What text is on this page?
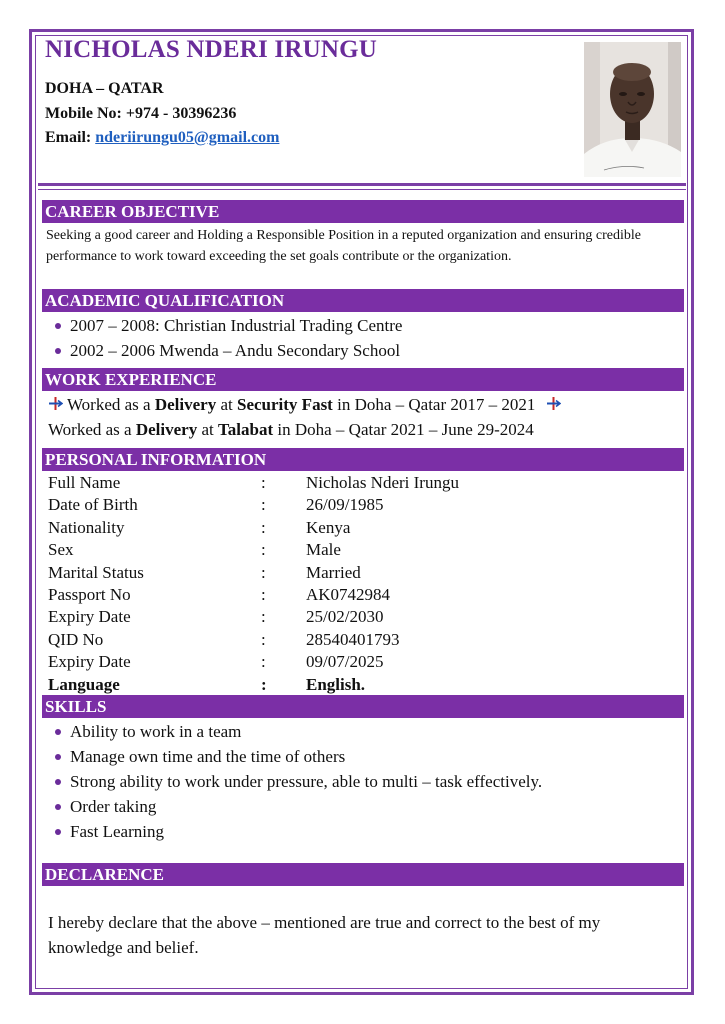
NICHOLAS NDERI IRUNGU
DOHA – QATAR
Mobile No: +974 - 30396236
Email: nderiirungu05@gmail.com
CAREER OBJECTIVE
Seeking a good career and Holding a Responsible Position in a reputed organization and ensuring credible performance to work toward exceeding the set goals contribute or the organization.
ACADEMIC QUALIFICATION
2007 – 2008: Christian Industrial Trading Centre
2002 – 2006 Mwenda – Andu Secondary School
WORK EXPERIENCE
Worked as a Delivery at Security Fast in Doha – Qatar 2017 – 2021
Worked as a Delivery at Talabat in Doha – Qatar 2021 – June 29-2024
PERSONAL INFORMATION
Full Name	:	Nicholas Nderi Irungu
Date of Birth	:	26/09/1985
Nationality	:	Kenya
Sex	:	Male
Marital Status	:	Married
Passport No	:	AK0742984
Expiry Date	:	25/02/2030
QID No	:	28540401793
Expiry Date	:	09/07/2025
Language	:	English.
SKILLS
Ability to work in a team
Manage own time and the time of others
Strong ability to work under pressure, able to multi – task effectively.
Order taking
Fast Learning
DECLARENCE
I hereby declare that the above – mentioned are true and correct to the best of my knowledge and belief.
